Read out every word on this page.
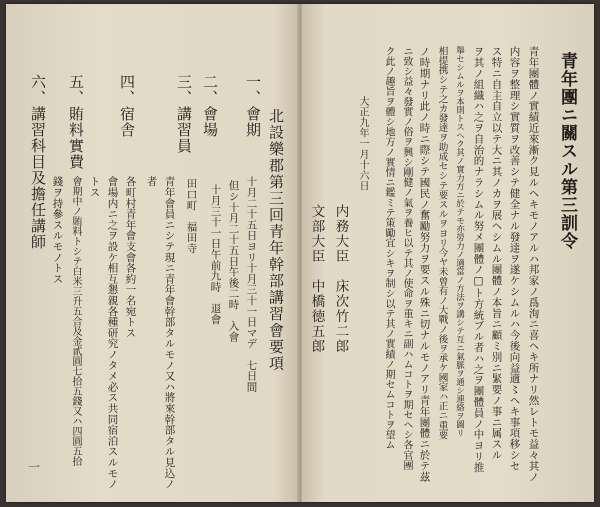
青年團ニ關スル第三訓令
青年團體ノ實績近來漸ク見ルヘキモノアルハ邦家ノ爲洵ニ喜ヘキ所ナリ然レトモ益々其ノ
内容ヲ整理シ實質ヲ改善シテ健全ナル發達ヲ遂ケシムルハ今後向益適〻ヘキ事項移シセ
ス特ニ自主自立以テ大ニ其ノカヲ展ヘシムル團體ノ本旨ニ顧ミ別ニ緊要ノ事ニ属スル
ヲ其ノ組織ハ之ヲ自治的ナラシムル努メ團體ノ□ト方統ブル者ハ之ヲ團體員ノ中ヨリ推
舉セシムルヲ本則トスヘク其ノ實力方ニ於テモ亦勞力ノ適當ノ方法ヲ講シテ互ニ氣脈ヲ通シ連絡ヲ圖リ
相提携シテ之カ發達ヲ助成セシテ要スルヲヨリ今ヤ未曾有ノ大戰ノ後ヲ承ケ國家ハ正ニ重要
ノ時期ナリ此ノ時ニ際シテ國民ノ奮勵努力ヲ要スル殊ニ切ナルモノアリ青年團體ニ於テ茲
ニ致シ益々發實ノ俗ヲ興シ剛健ノ氣ヲ養ヒ以テ其ノ使命ヲ重キニ副ハムコトヲ期セヘシ各官團
ク此ノ趣旨ヲ體シ地方ノ實情ニ鑑ミテ策勵宜シキヲ制シ以テ其ノ實績ノ期セムコトヲ望ム
大正九年一月十六日
内務大臣　床次竹二郎
文部大臣　中橋徳五郎
北設樂郡第三回青年幹部講習會要項
一、會期
十月二十五日ヨリ十月三十一日マデ　七日間
但シ十月二十五日午後二時　入會
十月三十一日午前九時　退會
二、會場
田口町　福田寺
三、講習員
青年會員ニシテ現ニ青年會幹部タルモノ又ハ將來幹部タル見込ノ
者
四、宿舎
各町村青年會支會各約一名宛トス
會場内ニ之ヲ設ケ相互懇親各種研究ノタメ必ス共同宿泊スルモノ
トス
五、賄料實費
會期中ノ賄料トシテ白米三升五合及金貳圓七拾五錢又ハ四圓五拾
錢ヲ持參スルモノトス
六、講習科目及擔任講師
一
